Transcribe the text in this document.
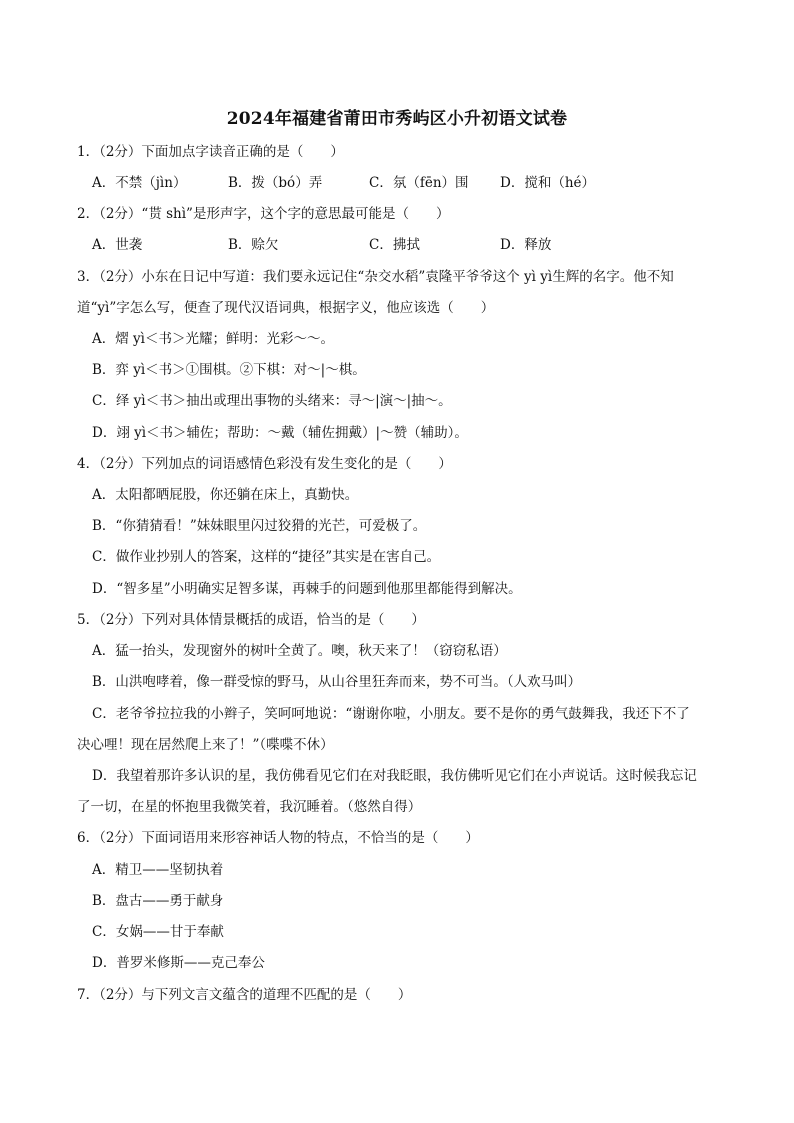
2024年福建省莆田市秀屿区小升初语文试卷
1．（2分）下面加点字读音正确的是（　　）
A．不禁（jìn）	B．拨（bó）弄	C．氛（fēn）围 D．搅和（hé）
2．（2分）“贳 shì”是形声字，这个字的意思最可能是（　　）
A．世袭	B．赊欠	C．拂拭	D．释放
3．（2分）小东在日记中写道：我们要永远记住“杂交水稻”袁隆平爷爷这个 yì yì生辉的名字。他不知
道“yì”字怎么写，便查了现代汉语词典，根据字义，他应该选（　　）
A．熠 yì＜书＞光耀；鲜明：光彩～～。
B．弈 yì＜书＞①围棋。②下棋：对～|～棋。
C．绎 yì＜书＞抽出或理出事物的头绪来：寻～|演～|抽～。
D．翊 yì＜书＞辅佐；帮助：～戴（辅佐拥戴）|～赞（辅助）。
4．（2分）下列加点的词语感情色彩没有发生变化的是（　　）
A．太阳都晒屁股，你还躺在床上，真勤快。
B．“你猜猜看！”妹妹眼里闪过狡猾的光芒，可爱极了。
C．做作业抄别人的答案，这样的“捷径”其实是在害自己。
D．“智多星”小明确实足智多谋，再棘手的问题到他那里都能得到解决。
5．（2分）下列对具体情景概括的成语，恰当的是（　　）
A．猛一抬头，发现窗外的树叶全黄了。噢，秋天来了！（窃窃私语）
B．山洪咆哮着，像一群受惊的野马，从山谷里狂奔而来，势不可当。（人欢马叫）
C．老爷爷拉拉我的小辫子，笑呵呵地说：“谢谢你啦，小朋友。要不是你的勇气鼓舞我，我还下不了
决心哩！现在居然爬上来了！”（喋喋不休）
D．我望着那许多认识的星，我仿佛看见它们在对我眨眼，我仿佛听见它们在小声说话。这时候我忘记
了一切，在星的怀抱里我微笑着，我沉睡着。（悠然自得）
6．（2分）下面词语用来形容神话人物的特点，不恰当的是（　　）
A．精卫——坚韧执着
B．盘古——勇于献身
C．女娲——甘于奉献
D．普罗米修斯——克己奉公
7．（2分）与下列文言文蕴含的道理不匹配的是（　　）
